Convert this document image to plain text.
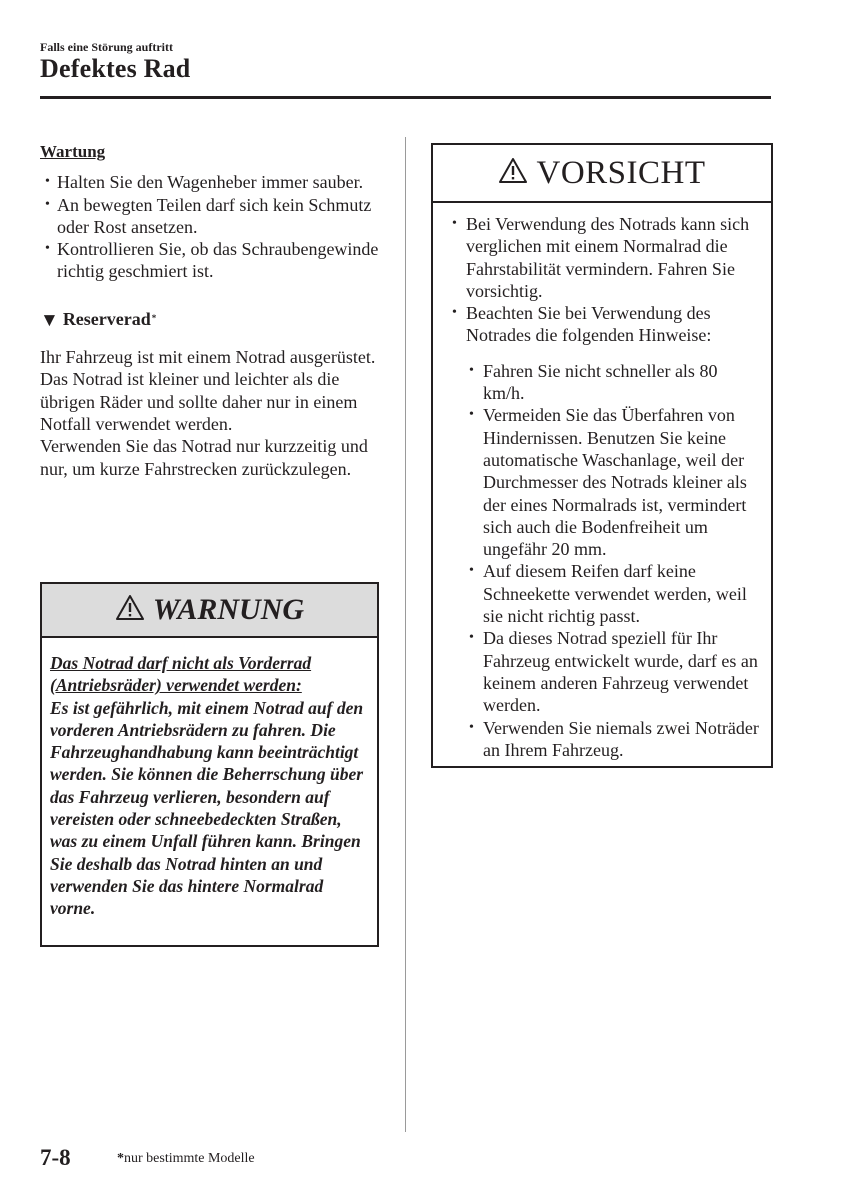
Falls eine Störung auftritt
Defektes Rad
Wartung
• Halten Sie den Wagenheber immer sauber.
• An bewegten Teilen darf sich kein Schmutz oder Rost ansetzen.
• Kontrollieren Sie, ob das Schraubengewinde richtig geschmiert ist.
▼ Reserverad*
Ihr Fahrzeug ist mit einem Notrad ausgerüstet.
Das Notrad ist kleiner und leichter als die übrigen Räder und sollte daher nur in einem Notfall verwendet werden.
Verwenden Sie das Notrad nur kurzzeitig und nur, um kurze Fahrstrecken zurückzulegen.
WARNUNG
Das Notrad darf nicht als Vorderrad (Antriebsräder) verwendet werden:
Es ist gefährlich, mit einem Notrad auf den vorderen Antriebsrädern zu fahren. Die Fahrzeughandhabung kann beeinträchtigt werden. Sie können die Beherrschung über das Fahrzeug verlieren, besondern auf vereisten oder schneebedeckten Straßen, was zu einem Unfall führen kann. Bringen Sie deshalb das Notrad hinten an und verwenden Sie das hintere Normalrad vorne.
VORSICHT
• Bei Verwendung des Notrads kann sich verglichen mit einem Normalrad die Fahrstabilität vermindern. Fahren Sie vorsichtig.
• Beachten Sie bei Verwendung des Notrades die folgenden Hinweise:
• Fahren Sie nicht schneller als 80 km/h.
• Vermeiden Sie das Überfahren von Hindernissen. Benutzen Sie keine automatische Waschanlage, weil der Durchmesser des Notrads kleiner als der eines Normalrads ist, vermindert sich auch die Bodenfreiheit um ungefähr 20 mm.
• Auf diesem Reifen darf keine Schneekette verwendet werden, weil sie nicht richtig passt.
• Da dieses Notrad speziell für Ihr Fahrzeug entwickelt wurde, darf es an keinem anderen Fahrzeug verwendet werden.
• Verwenden Sie niemals zwei Noträder an Ihrem Fahrzeug.
7-8	*nur bestimmte Modelle
